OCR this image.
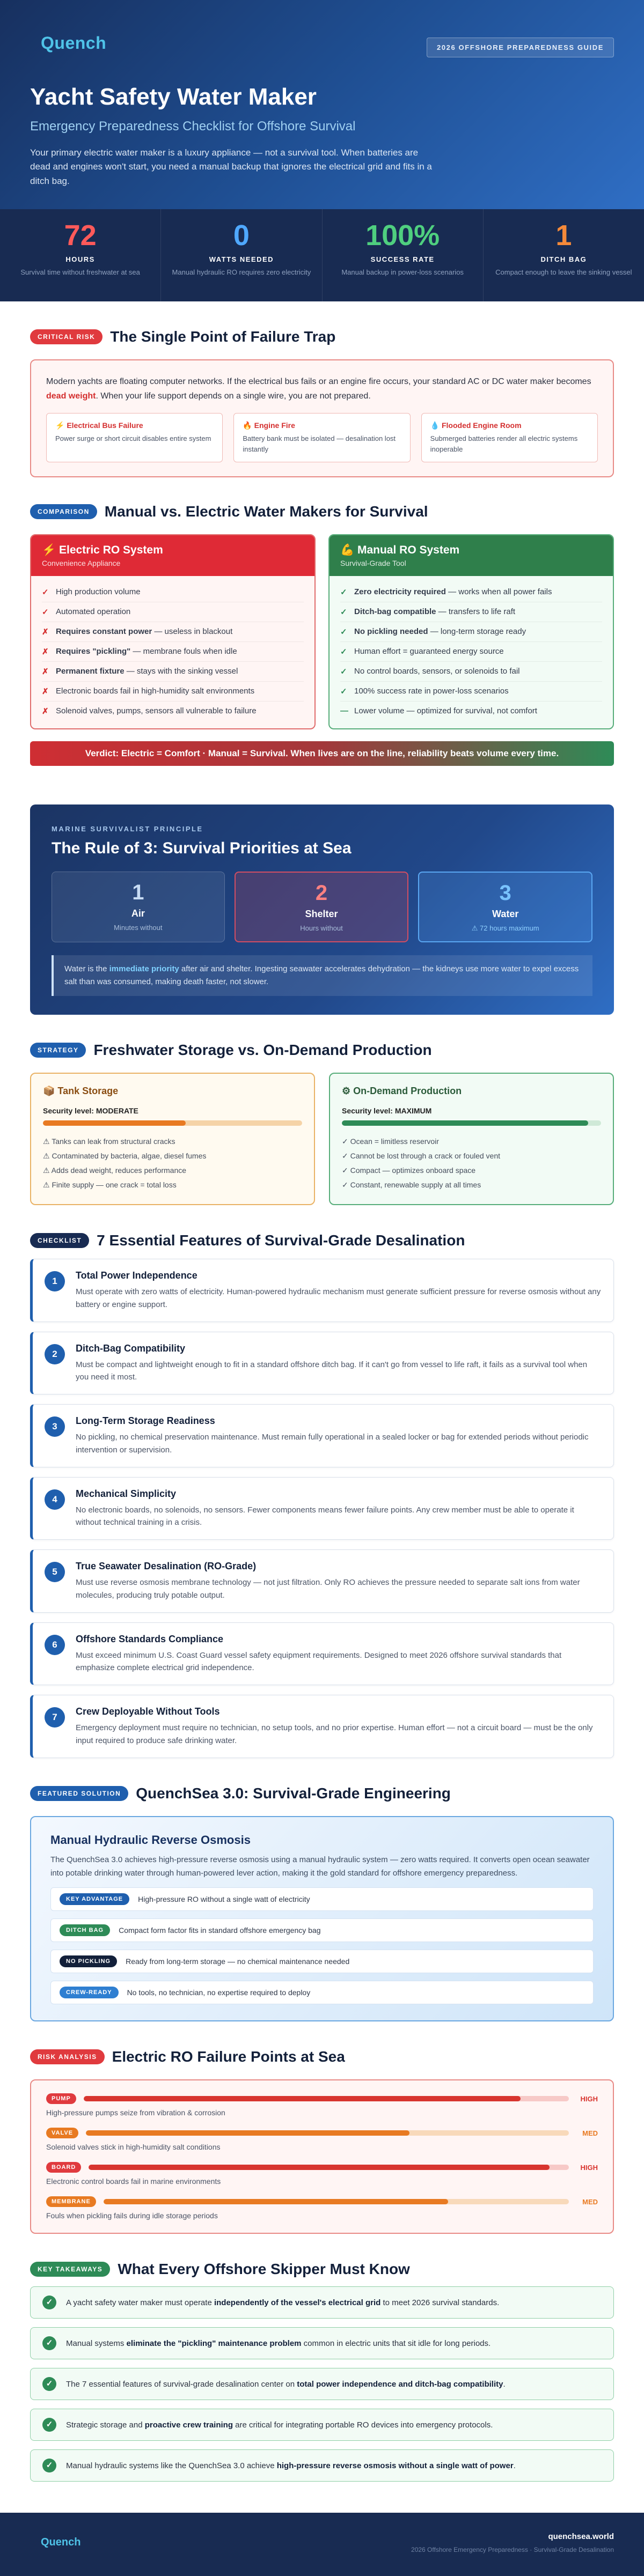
Quench	2026 OFFSHORE PREPAREDNESS GUIDE
Yacht Safety Water Maker
Emergency Preparedness Checklist for Offshore Survival

Your primary electric water maker is a luxury appliance — not a survival tool. When batteries are dead and engines won't start, you need a manual backup that ignores the electrical grid and fits in a ditch bag.

72
HOURS
Survival time without freshwater at sea
0
WATTS NEEDED
Manual hydraulic RO requires zero electricity
100%
SUCCESS RATE
Manual backup in power-loss scenarios
1
DITCH BAG
Compact enough to leave the sinking vessel
CRITICAL RISK	The Single Point of Failure Trap

Modern yachts are floating computer networks. If the electrical bus fails or an engine fire occurs, your standard AC or DC water maker becomes dead weight. When your life support depends on a single wire, you are not prepared.

⚡ Electrical Bus Failure
Power surge or short circuit disables entire system
🔥 Engine Fire
Battery bank must be isolated — desalination lost instantly
💧 Flooded Engine Room
Submerged batteries render all electric systems inoperable
COMPARISON	Manual vs. Electric Water Makers for Survival
⚡ Electric RO System
Convenience Appliance
✓ High production volume
✓ Automated operation
✗ Requires constant power — useless in blackout
✗ Requires "pickling" — membrane fouls when idle
✗ Permanent fixture — stays with the sinking vessel
✗ Electronic boards fail in high-humidity salt environments
✗ Solenoid valves, pumps, sensors all vulnerable to failure
💪 Manual RO System
Survival-Grade Tool
✓ Zero electricity required — works when all power fails
✓ Ditch-bag compatible — transfers to life raft
✓ No pickling needed — long-term storage ready
✓ Human effort = guaranteed energy source
✓ No control boards, sensors, or solenoids to fail
✓ 100% success rate in power-loss scenarios
— Lower volume — optimized for survival, not comfort
Verdict: Electric = Comfort · Manual = Survival. When lives are on the line, reliability beats volume every time.
MARINE SURVIVALIST PRINCIPLE
The Rule of 3: Survival Priorities at Sea
1
Air
Minutes without
2
Shelter
Hours without
3
Water
⚠ 72 hours maximum
Water is the immediate priority after air and shelter. Ingesting seawater accelerates dehydration — the kidneys use more water to expel excess salt than was consumed, making death faster, not slower.
STRATEGY	Freshwater Storage vs. On-Demand Production
📦 Tank Storage
Security level: MODERATE
⚠ Tanks can leak from structural cracks
⚠ Contaminated by bacteria, algae, diesel fumes
⚠ Adds dead weight, reduces performance
⚠ Finite supply — one crack = total loss
⚙ On-Demand Production
Security level: MAXIMUM
✓ Ocean = limitless reservoir
✓ Cannot be lost through a crack or fouled vent
✓ Compact — optimizes onboard space
✓ Constant, renewable supply at all times
CHECKLIST	7 Essential Features of Survival-Grade Desalination
1
Total Power Independence
Must operate with zero watts of electricity. Human-powered hydraulic mechanism must generate sufficient pressure for reverse osmosis without any battery or engine support.
2
Ditch-Bag Compatibility
Must be compact and lightweight enough to fit in a standard offshore ditch bag. If it can't go from vessel to life raft, it fails as a survival tool when you need it most.
3
Long-Term Storage Readiness
No pickling, no chemical preservation maintenance. Must remain fully operational in a sealed locker or bag for extended periods without periodic intervention or supervision.
4
Mechanical Simplicity
No electronic boards, no solenoids, no sensors. Fewer components means fewer failure points. Any crew member must be able to operate it without technical training in a crisis.
5
True Seawater Desalination (RO-Grade)
Must use reverse osmosis membrane technology — not just filtration. Only RO achieves the pressure needed to separate salt ions from water molecules, producing truly potable output.
6
Offshore Standards Compliance
Must exceed minimum U.S. Coast Guard vessel safety equipment requirements. Designed to meet 2026 offshore survival standards that emphasize complete electrical grid independence.
7
Crew Deployable Without Tools
Emergency deployment must require no technician, no setup tools, and no prior expertise. Human effort — not a circuit board — must be the only input required to produce safe drinking water.
FEATURED SOLUTION	QuenchSea 3.0: Survival-Grade Engineering
Manual Hydraulic Reverse Osmosis
The QuenchSea 3.0 achieves high-pressure reverse osmosis using a manual hydraulic system — zero watts required. It converts open ocean seawater into potable drinking water through human-powered lever action, making it the gold standard for offshore emergency preparedness.
KEY ADVANTAGE	High-pressure RO without a single watt of electricity
DITCH BAG	Compact form factor fits in standard offshore emergency bag
NO PICKLING	Ready from long-term storage — no chemical maintenance needed
CREW-READY	No tools, no technician, no expertise required to deploy
RISK ANALYSIS	Electric RO Failure Points at Sea
PUMP	HIGH
High-pressure pumps seize from vibration & corrosion
VALVE	MED
Solenoid valves stick in high-humidity salt conditions
BOARD	HIGH
Electronic control boards fail in marine environments
MEMBRANE	MED
Fouls when pickling fails during idle storage periods
KEY TAKEAWAYS	What Every Offshore Skipper Must Know
✓	A yacht safety water maker must operate independently of the vessel's electrical grid to meet 2026 survival standards.
✓	Manual systems eliminate the "pickling" maintenance problem common in electric units that sit idle for long periods.
✓	The 7 essential features of survival-grade desalination center on total power independence and ditch-bag compatibility.
✓	Strategic storage and proactive crew training are critical for integrating portable RO devices into emergency protocols.
✓	Manual hydraulic systems like the QuenchSea 3.0 achieve high-pressure reverse osmosis without a single watt of power.
Quench	quenchsea.world
2026 Offshore Emergency Preparedness · Survival-Grade Desalination
